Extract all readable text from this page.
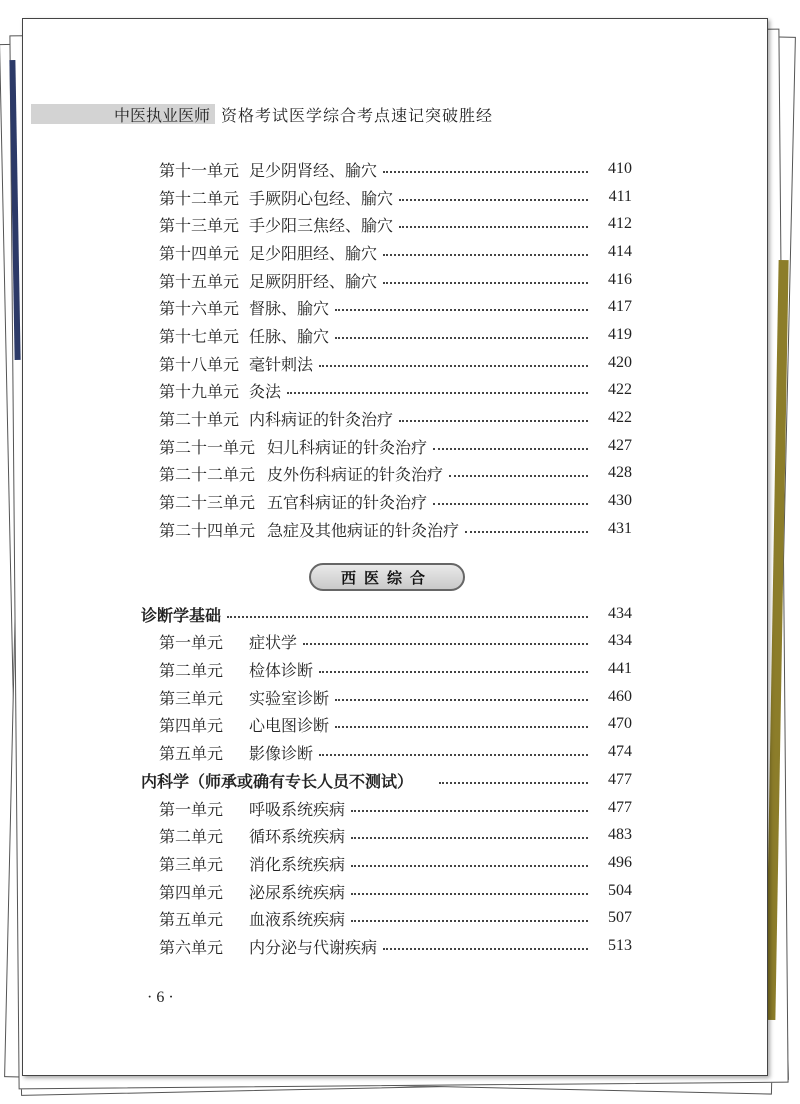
中医执业医师 资格考试医学综合考点速记突破胜经
第十一单元 足少阴肾经、腧穴	410
第十二单元 手厥阴心包经、腧穴	411
第十三单元 手少阳三焦经、腧穴	412
第十四单元 足少阳胆经、腧穴	414
第十五单元 足厥阴肝经、腧穴	416
第十六单元 督脉、腧穴	417
第十七单元 任脉、腧穴	419
第十八单元 毫针刺法	420
第十九单元 灸法	422
第二十单元 内科病证的针灸治疗	422
第二十一单元 妇儿科病证的针灸治疗	427
第二十二单元 皮外伤科病证的针灸治疗	428
第二十三单元 五官科病证的针灸治疗	430
第二十四单元 急症及其他病证的针灸治疗	431
西医综合
诊断学基础	434
第一单元	症状学	434
第二单元	检体诊断	441
第三单元	实验室诊断	460
第四单元	心电图诊断	470
第五单元	影像诊断	474
内科学（师承或确有专长人员不测试）	477
第一单元	呼吸系统疾病	477
第二单元	循环系统疾病	483
第三单元	消化系统疾病	496
第四单元	泌尿系统疾病	504
第五单元	血液系统疾病	507
第六单元	内分泌与代谢疾病	513
· 6 ·
